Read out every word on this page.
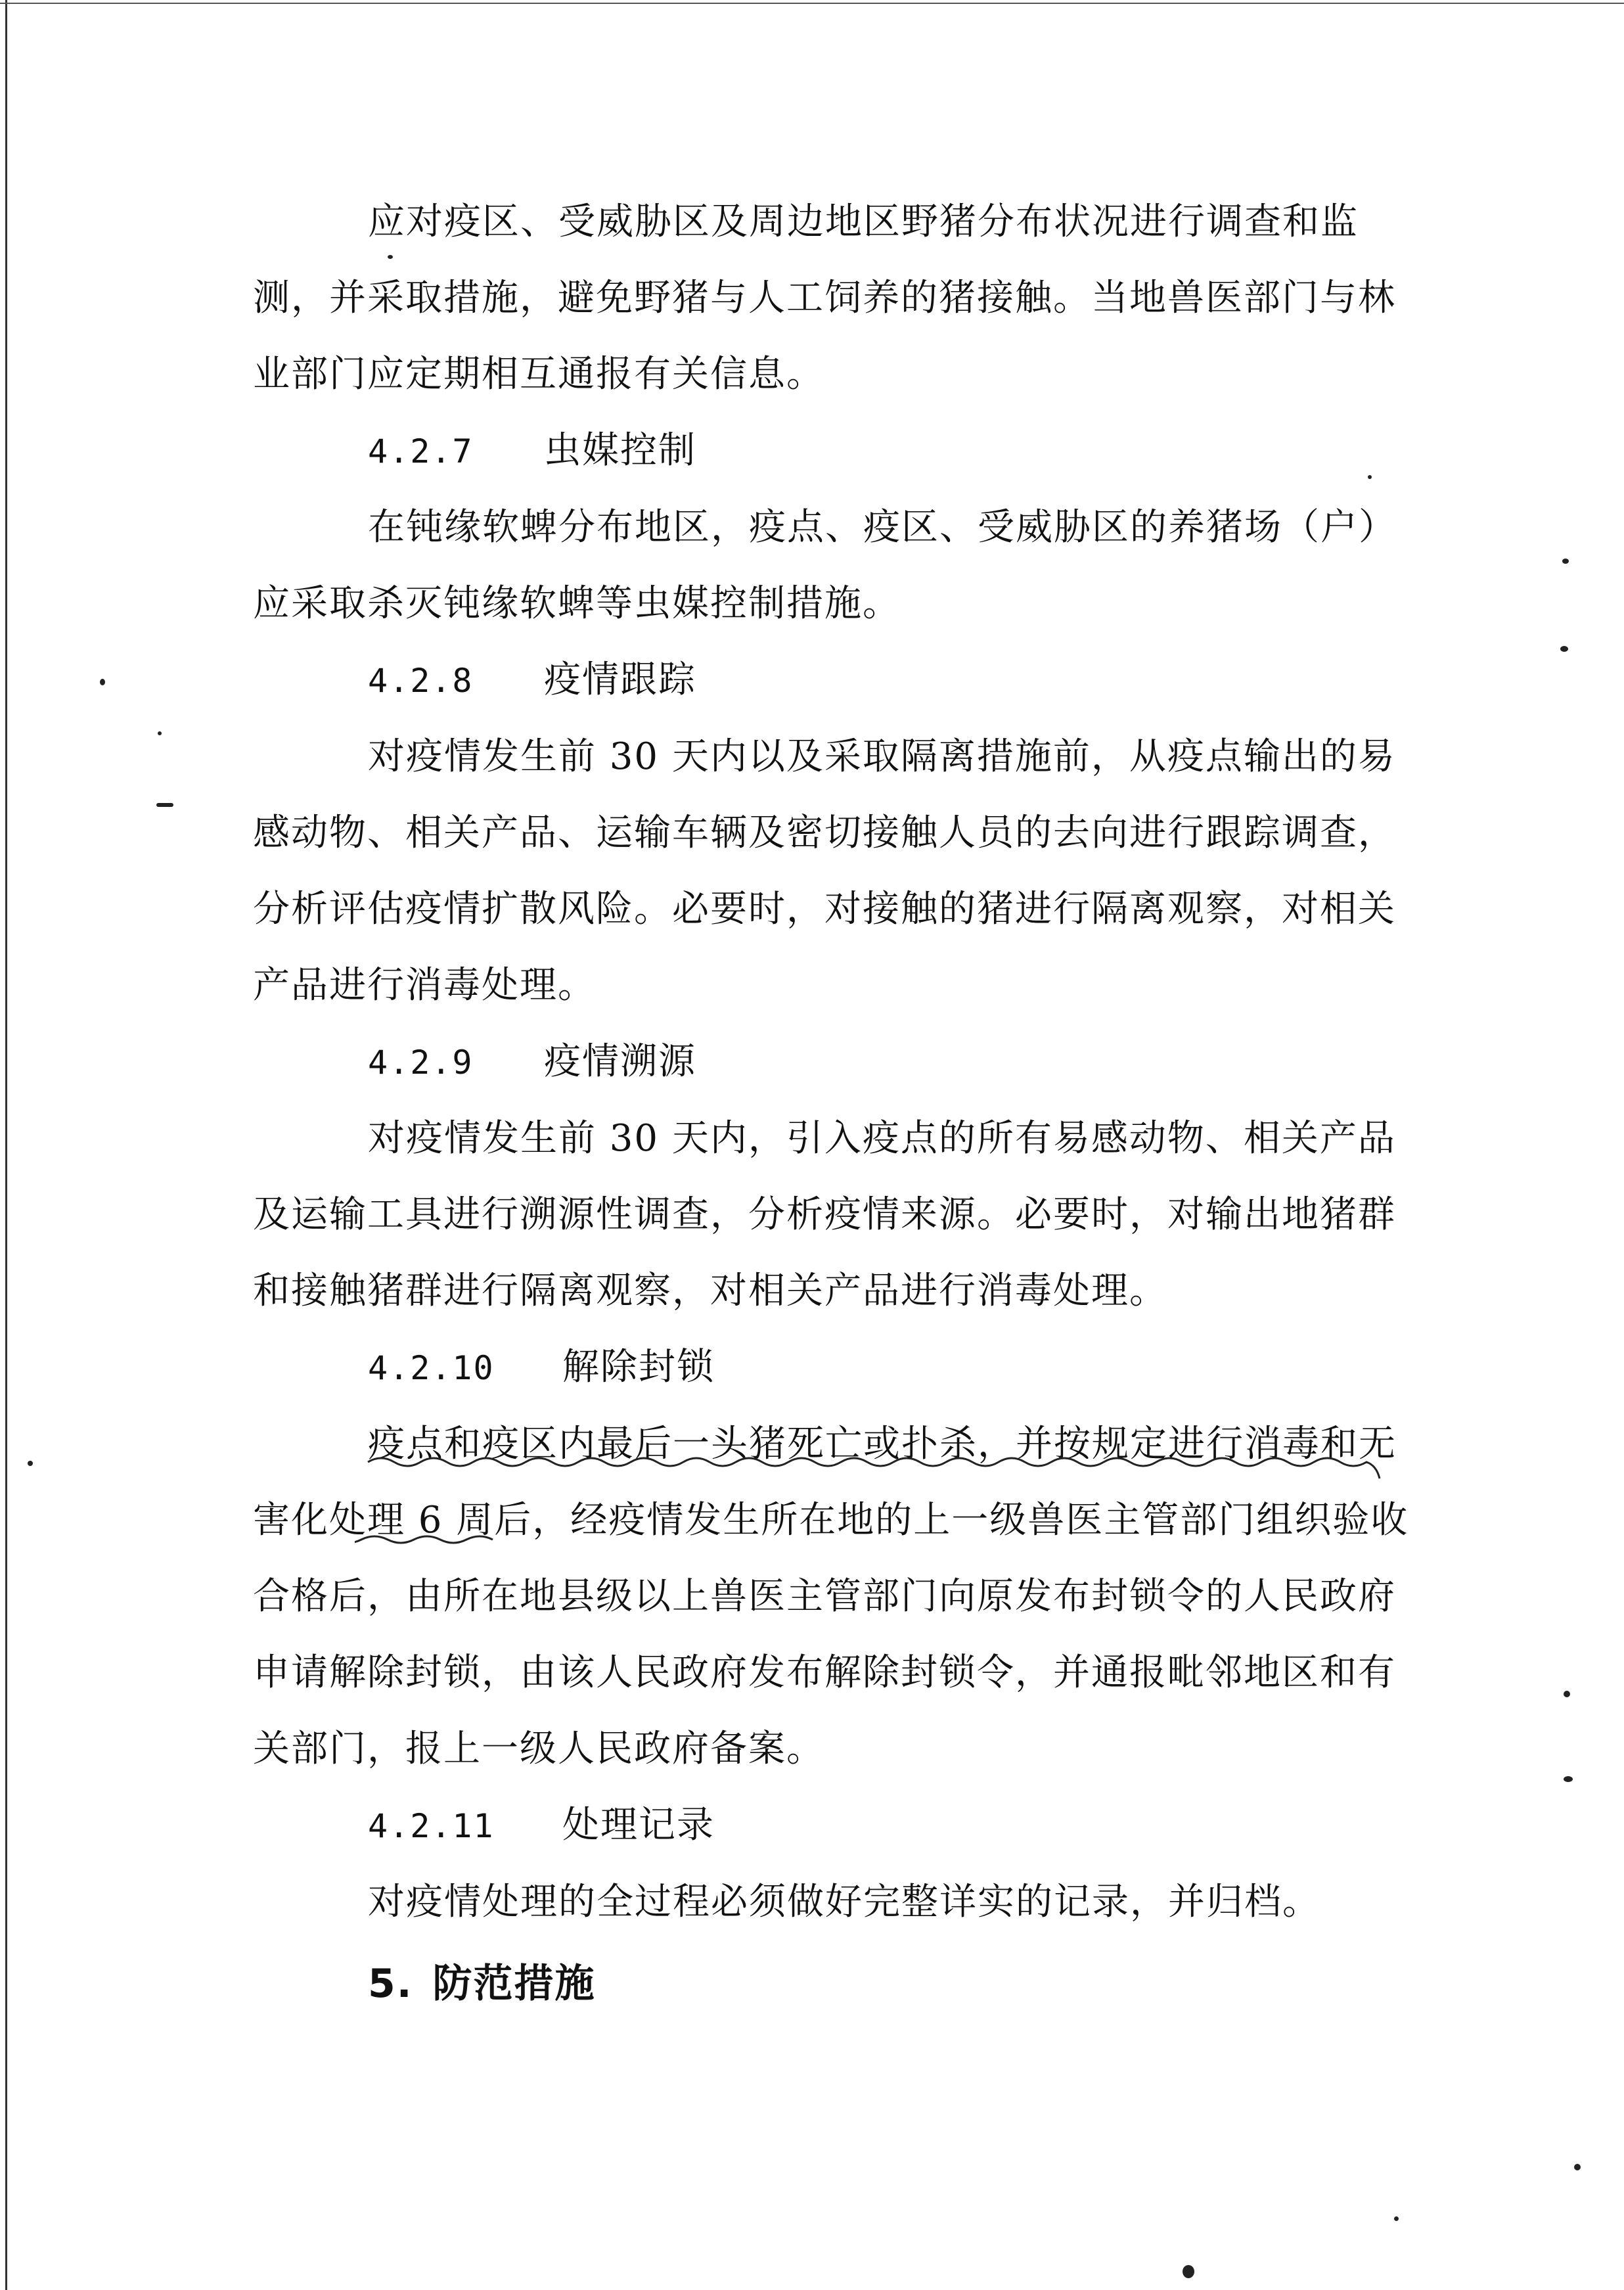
应对疫区、受威胁区及周边地区野猪分布状况进行调查和监

测，并采取措施，避免野猪与人工饲养的猪接触。当地兽医部门与林

业部门应定期相互通报有关信息。

4.2.7 虫媒控制

在钝缘软蜱分布地区，疫点、疫区、受威胁区的养猪场（户）

应采取杀灭钝缘软蜱等虫媒控制措施。

4.2.8 疫情跟踪

对疫情发生前 30 天内以及采取隔离措施前，从疫点输出的易

感动物、相关产品、运输车辆及密切接触人员的去向进行跟踪调查，

分析评估疫情扩散风险。必要时，对接触的猪进行隔离观察，对相关

产品进行消毒处理。

4.2.9 疫情溯源

对疫情发生前 30 天内，引入疫点的所有易感动物、相关产品

及运输工具进行溯源性调查，分析疫情来源。必要时，对输出地猪群

和接触猪群进行隔离观察，对相关产品进行消毒处理。

4.2.10 解除封锁

疫点和疫区内最后一头猪死亡或扑杀，并按规定进行消毒和无

害化处理 6 周后，经疫情发生所在地的上一级兽医主管部门组织验收

合格后，由所在地县级以上兽医主管部门向原发布封锁令的人民政府

申请解除封锁，由该人民政府发布解除封锁令，并通报毗邻地区和有

关部门，报上一级人民政府备案。

4.2.11 处理记录

对疫情处理的全过程必须做好完整详实的记录，并归档。

5. 防范措施
